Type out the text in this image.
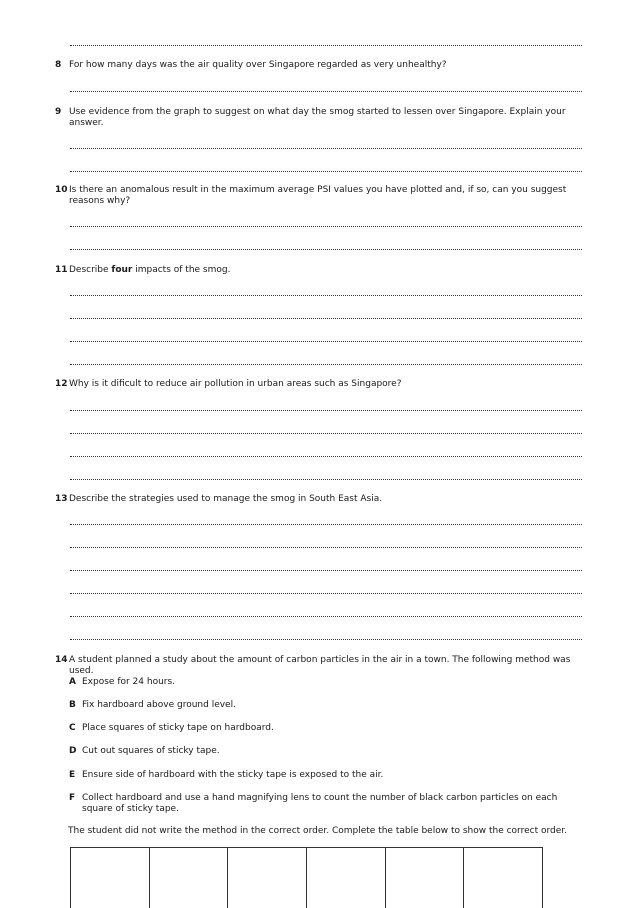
8 For how many days was the air quality over Singapore regarded as very unhealthy?
9 Use evidence from the graph to suggest on what day the smog started to lessen over Singapore. Explain your answer.
10 Is there an anomalous result in the maximum average PSI values you have plotted and, if so, can you suggest reasons why?
11 Describe four impacts of the smog.
12 Why is it dificult to reduce air pollution in urban areas such as Singapore?
13 Describe the strategies used to manage the smog in South East Asia.
14 A student planned a study about the amount of carbon particles in the air in a town. The following method was used.
A Expose for 24 hours.
B Fix hardboard above ground level.
C Place squares of sticky tape on hardboard.
D Cut out squares of sticky tape.
E Ensure side of hardboard with the sticky tape is exposed to the air.
F Collect hardboard and use a hand magnifying lens to count the number of black carbon particles on each square of sticky tape.
The student did not write the method in the correct order. Complete the table below to show the correct order.
